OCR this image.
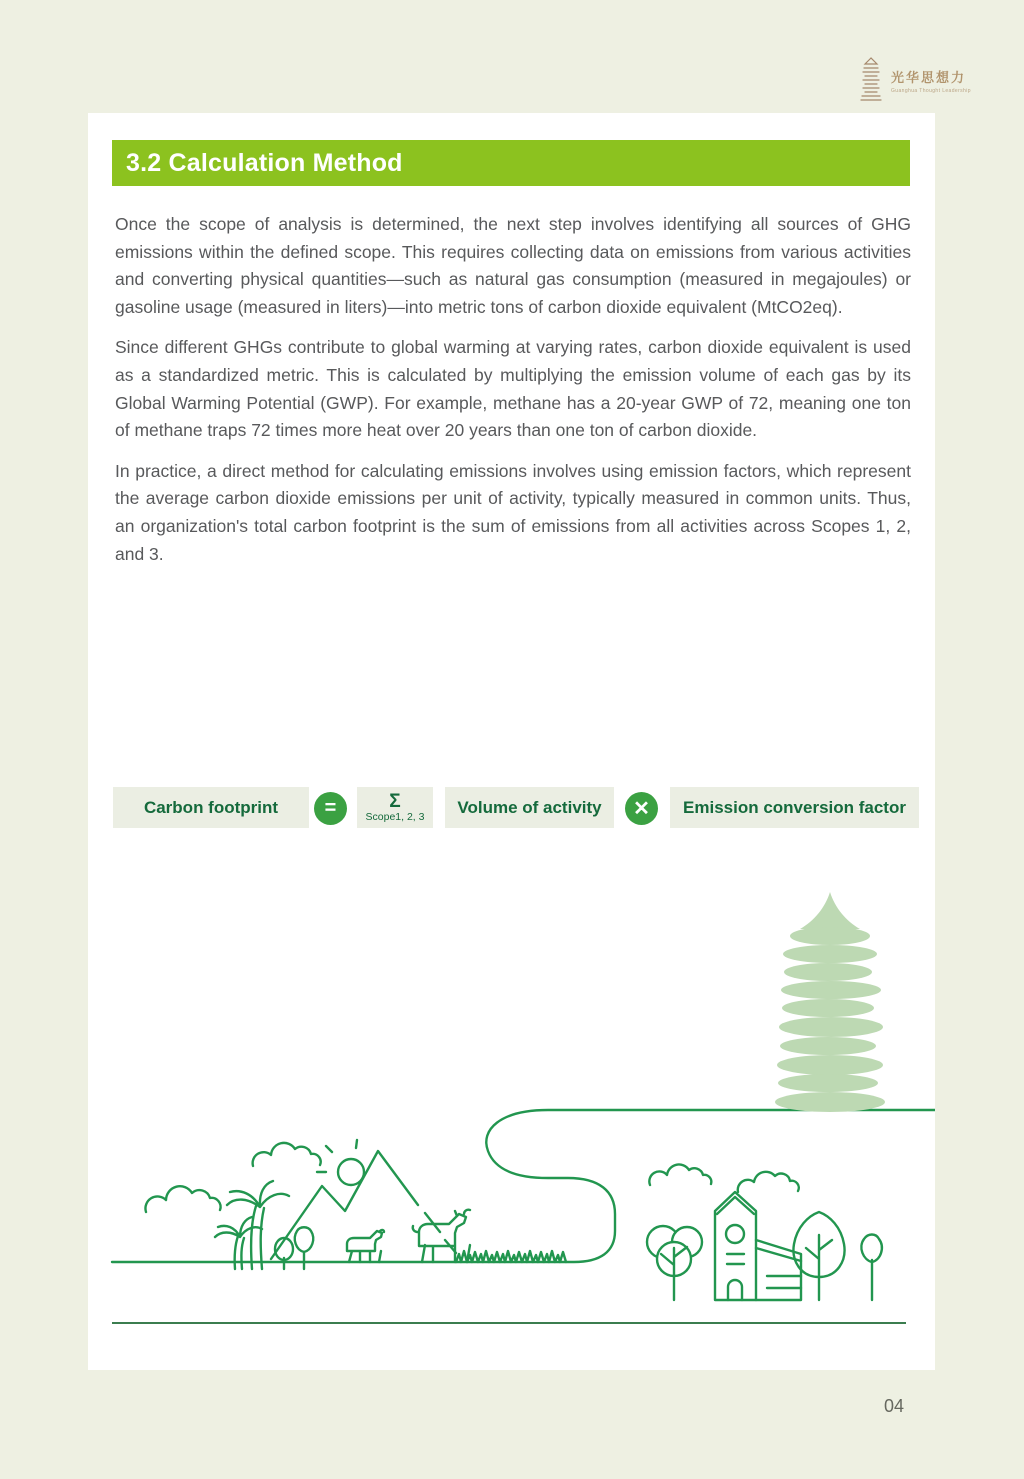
光华思想力
Guanghua Thought Leadership
3.2 Calculation Method

Once the scope of analysis is determined, the next step involves identifying all sources of GHG emissions within the defined scope. This requires collecting data on emissions from various activities and converting physical quantities—such as natural gas consumption (measured in megajoules) or gasoline usage (measured in liters)—into metric tons of carbon dioxide equivalent (MtCO2eq).

Since different GHGs contribute to global warming at varying rates, carbon dioxide equivalent is used as a standardized metric. This is calculated by multiplying the emission volume of each gas by its Global Warming Potential (GWP). For example, methane has a 20-year GWP of 72, meaning one ton of methane traps 72 times more heat over 20 years than one ton of carbon dioxide.

In practice, a direct method for calculating emissions involves using emission factors, which represent the average carbon dioxide emissions per unit of activity, typically measured in common units. Thus, an organization's total carbon footprint is the sum of emissions from all activities across Scopes 1, 2, and 3.

Carbon footprint	=	Σ
Scope1, 2, 3
Volume of activity	✕	Emission conversion factor
04
